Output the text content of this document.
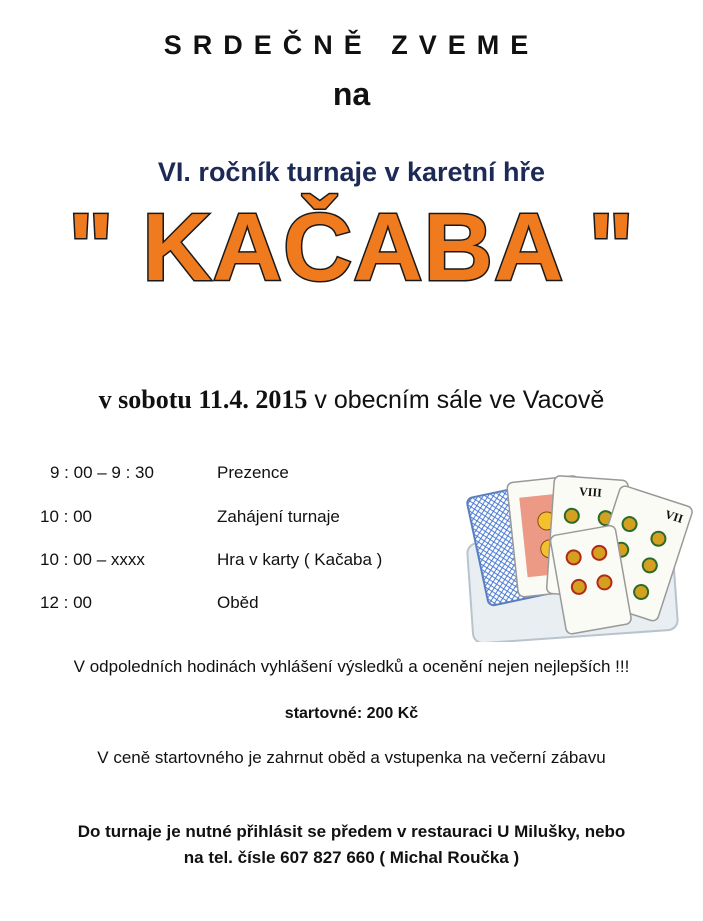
SRDEČNĚ ZVEME
na
VI. ročník turnaje v karetní hře
" KAČABA "
v sobotu 11.4. 2015 v obecním sále ve Vacově
9 : 00 – 9 : 30	Prezence
10 : 00	Zahájení turnaje
10 : 00 – xxxx	Hra v karty ( Kačaba )
12 : 00	Oběd
VIII
VII
V odpoledních hodinách vyhlášení výsledků a ocenění nejen nejlepších !!!
startovné: 200 Kč
V ceně startovného je zahrnut oběd a vstupenka na večerní zábavu
Do turnaje je nutné přihlásit se předem v restauraci U Milušky, nebo
na tel. čísle 607 827 660 ( Michal Roučka )
